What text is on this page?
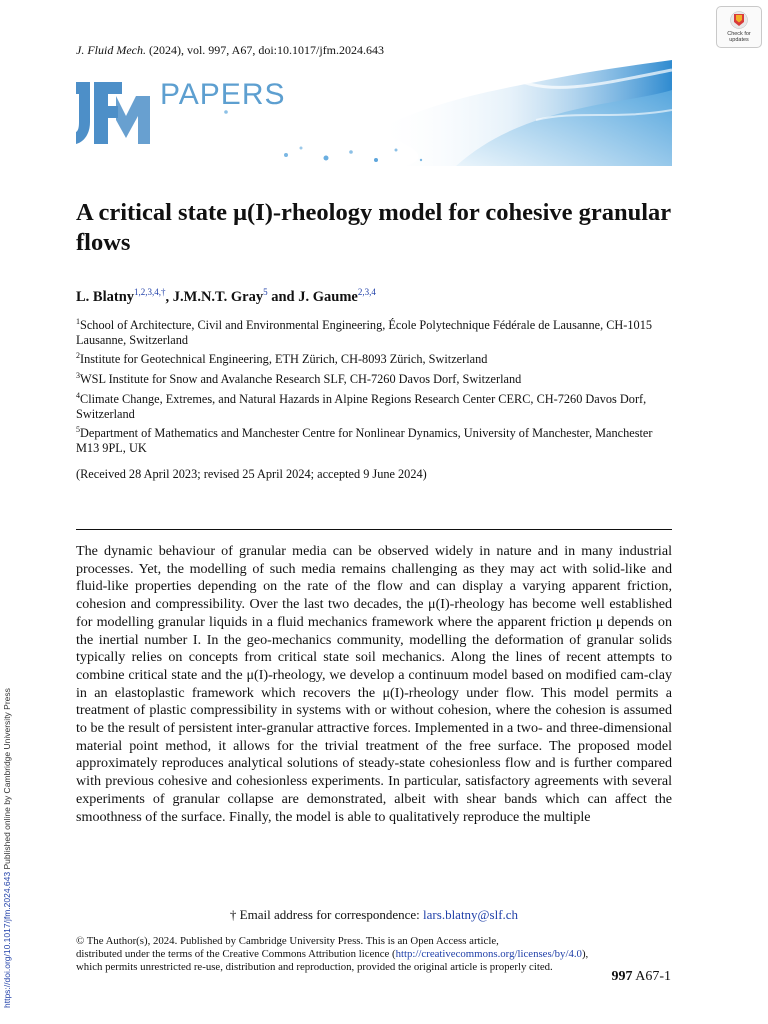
Check for
updates
J. Fluid Mech. (2024), vol. 997, A67, doi:10.1017/jfm.2024.643
PAPERS
A critical state μ(I)-rheology model for cohesive granular flows
L. Blatny$^{1,2,3,4,\dagger}$, J.M.N.T. Gray$^5$ and J. Gaume$^{2,3,4}$
$^1$School of Architecture, Civil and Environmental Engineering, École Polytechnique Fédérale de Lausanne, CH-1015 Lausanne, Switzerland
$^2$Institute for Geotechnical Engineering, ETH Zürich, CH-8093 Zürich, Switzerland
$^3$WSL Institute for Snow and Avalanche Research SLF, CH-7260 Davos Dorf, Switzerland
$^4$Climate Change, Extremes, and Natural Hazards in Alpine Regions Research Center CERC, CH-7260 Davos Dorf, Switzerland
$^5$Department of Mathematics and Manchester Centre for Nonlinear Dynamics, University of Manchester, Manchester M13 9PL, UK
(Received 28 April 2023; revised 25 April 2024; accepted 9 June 2024)

The dynamic behaviour of granular media can be observed widely in nature and in many industrial processes. Yet, the modelling of such media remains challenging as they may act with solid-like and fluid-like properties depending on the rate of the flow and can display a varying apparent friction, cohesion and compressibility. Over the last two decades, the μ(I)-rheology has become well established for modelling granular liquids in a fluid mechanics framework where the apparent friction μ depends on the inertial number I. In the geo-mechanics community, modelling the deformation of granular solids typically relies on concepts from critical state soil mechanics. Along the lines of recent attempts to combine critical state and the μ(I)-rheology, we develop a continuum model based on modified cam-clay in an elastoplastic framework which recovers the μ(I)-rheology under flow. This model permits a treatment of plastic compressibility in systems with or without cohesion, where the cohesion is assumed to be the result of persistent inter-granular attractive forces. Implemented in a two- and three-dimensional material point method, it allows for the trivial treatment of the free surface. The proposed model approximately reproduces analytical solutions of steady-state cohesionless flow and is further compared with previous cohesive and cohesionless experiments. In particular, satisfactory agreements with several experiments of granular collapse are demonstrated, albeit with shear bands which can affect the smoothness of the surface. Finally, the model is able to qualitatively reproduce the multiple

† Email address for correspondence: lars.blatny@slf.ch
© The Author(s), 2024. Published by Cambridge University Press. This is an Open Access article,
distributed under the terms of the Creative Commons Attribution licence (http://creativecommons.org/licenses/by/4.0), which permits unrestricted re-use, distribution and reproduction, provided the original article is properly cited.
997 A67-1
https://doi.org/10.1017/jfm.2024.643 Published online by Cambridge University Press
